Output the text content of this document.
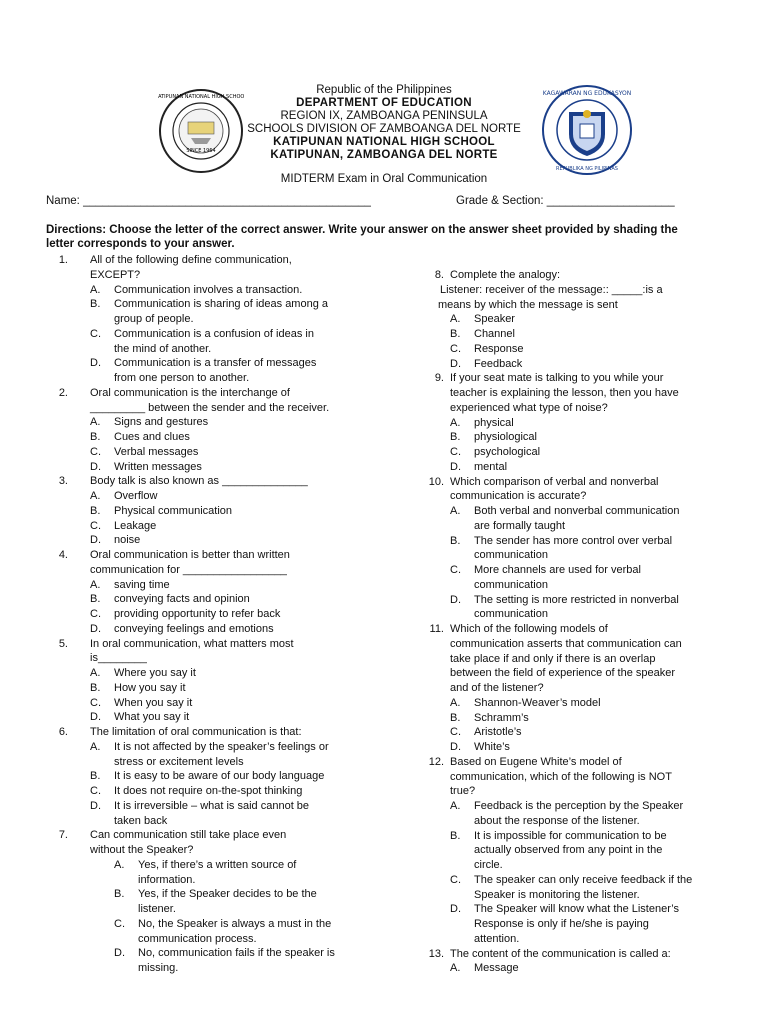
SINCE 1964
KATIPUNAN NATIONAL HIGH SCHOOL	KAGAWARAN NG EDUKASYON
REPUBLIKA NG PILIPINAS
Republic of the Philippines
DEPARTMENT OF EDUCATION
REGION IX, ZAMBOANGA PENINSULA
SCHOOLS DIVISION OF ZAMBOANGA DEL NORTE
KATIPUNAN NATIONAL HIGH SCHOOL
KATIPUNAN, ZAMBOANGA DEL NORTE
MIDTERM Exam in Oral Communication
Name: _____________________________________________	Grade & Section: ____________________
Directions: Choose the letter of the correct answer. Write your answer on the answer sheet provided by shading the
letter corresponds to your answer.
1. All of the following define communication,
EXCEPT?
A.	Communication involves a transaction.
B.	Communication is sharing of ideas among a
group of people.
C.	Communication is a confusion of ideas in
the mind of another.
D.	Communication is a transfer of messages
from one person to another.
2. Oral communication is the interchange of
_________ between the sender and the receiver.
A.	Signs and gestures
B.	Cues and clues
C.	Verbal messages
D.	Written messages
3. Body talk is also known as ______________
A.	Overflow
B.	Physical communication
C.	Leakage
D.	noise
4. Oral communication is better than written
communication for _________________
A.	saving time
B.	conveying facts and opinion
C.	providing opportunity to refer back
D.	conveying feelings and emotions
5. In oral communication, what matters most
is________
A.	Where you say it
B.	How you say it
C.	When you say it
D.	What you say it
6. The limitation of oral communication is that:
A.	It is not affected by the speaker’s feelings or
stress or excitement levels
B.	It is easy to be aware of our body language
C.	It does not require on-the-spot thinking
D.	It is irreversible – what is said cannot be
taken back
7. Can communication still take place even
without the Speaker?
A.	Yes, if there’s a written source of
information.
B.	Yes, if the Speaker decides to be the
listener.
C.	No, the Speaker is always a must in the
communication process.
D.	No, communication fails if the speaker is
missing.
8. Complete the analogy:
Listener: receiver of the message:: _____:is a
means by which the message is sent
A.	Speaker
B.	Channel
C.	Response
D.	Feedback
9. If your seat mate is talking to you while your
teacher is explaining the lesson, then you have
experienced what type of noise?
A.	physical
B.	physiological
C.	psychological
D.	mental
10. Which comparison of verbal and nonverbal
communication is accurate?
A.	Both verbal and nonverbal communication
are formally taught
B.	The sender has more control over verbal
communication
C.	More channels are used for verbal
communication
D.	The setting is more restricted in nonverbal
communication
11. Which of the following models of
communication asserts that communication can
take place if and only if there is an overlap
between the field of experience of the speaker
and of the listener?
A.	Shannon-Weaver’s model
B.	Schramm’s
C.	Aristotle’s
D.	White’s
12. Based on Eugene White’s model of
communication, which of the following is NOT
true?
A.	Feedback is the perception by the Speaker
about the response of the listener.
B.	It is impossible for communication to be
actually observed from any point in the
circle.
C.	The speaker can only receive feedback if the
Speaker is monitoring the listener.
D.	The Speaker will know what the Listener’s
Response is only if he/she is paying
attention.
13. The content of the communication is called a:
A.	Message
